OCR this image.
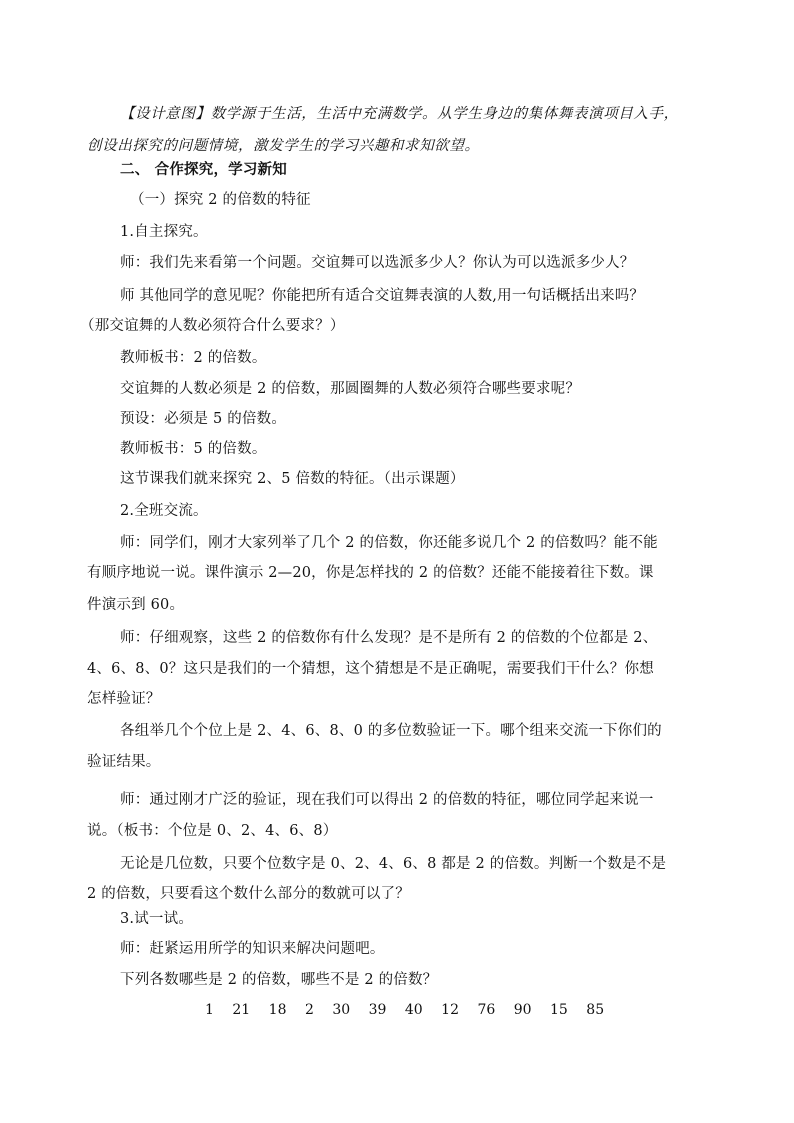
【设计意图】数学源于生活，生活中充满数学。从学生身边的集体舞表演项目入手，
创设出探究的问题情境，激发学生的学习兴趣和求知欲望。
二、 合作探究，学习新知
（一）探究 2 的倍数的特征
1.自主探究。
师：我们先来看第一个问题。交谊舞可以选派多少人？你认为可以选派多少人？
师 其他同学的意见呢？你能把所有适合交谊舞表演的人数,用一句话概括出来吗？
（那交谊舞的人数必须符合什么要求？）
教师板书：2 的倍数。
交谊舞的人数必须是 2 的倍数，那圆圈舞的人数必须符合哪些要求呢？
预设：必须是 5 的倍数。
教师板书：5 的倍数。
这节课我们就来探究 2、5 倍数的特征。（出示课题）
2.全班交流。
师：同学们，刚才大家列举了几个 2 的倍数，你还能多说几个 2 的倍数吗？能不能
有顺序地说一说。课件演示 2—20，你是怎样找的 2 的倍数？还能不能接着往下数。课
件演示到 60。
师：仔细观察，这些 2 的倍数你有什么发现？是不是所有 2 的倍数的个位都是 2、
4、6、8、0？这只是我们的一个猜想，这个猜想是不是正确呢，需要我们干什么？你想
怎样验证？
各组举几个个位上是 2、4、6、8、0 的多位数验证一下。哪个组来交流一下你们的
验证结果。
师：通过刚才广泛的验证，现在我们可以得出 2 的倍数的特征，哪位同学起来说一
说。（板书：个位是 0、2、4、6、8）
无论是几位数，只要个位数字是 0、2、4、6、8 都是 2 的倍数。判断一个数是不是
2 的倍数，只要看这个数什么部分的数就可以了？
3.试一试。
师：赶紧运用所学的知识来解决问题吧。
下列各数哪些是 2 的倍数，哪些不是 2 的倍数？
1 21 18 2 30 39 40 12 76 90 15 85
